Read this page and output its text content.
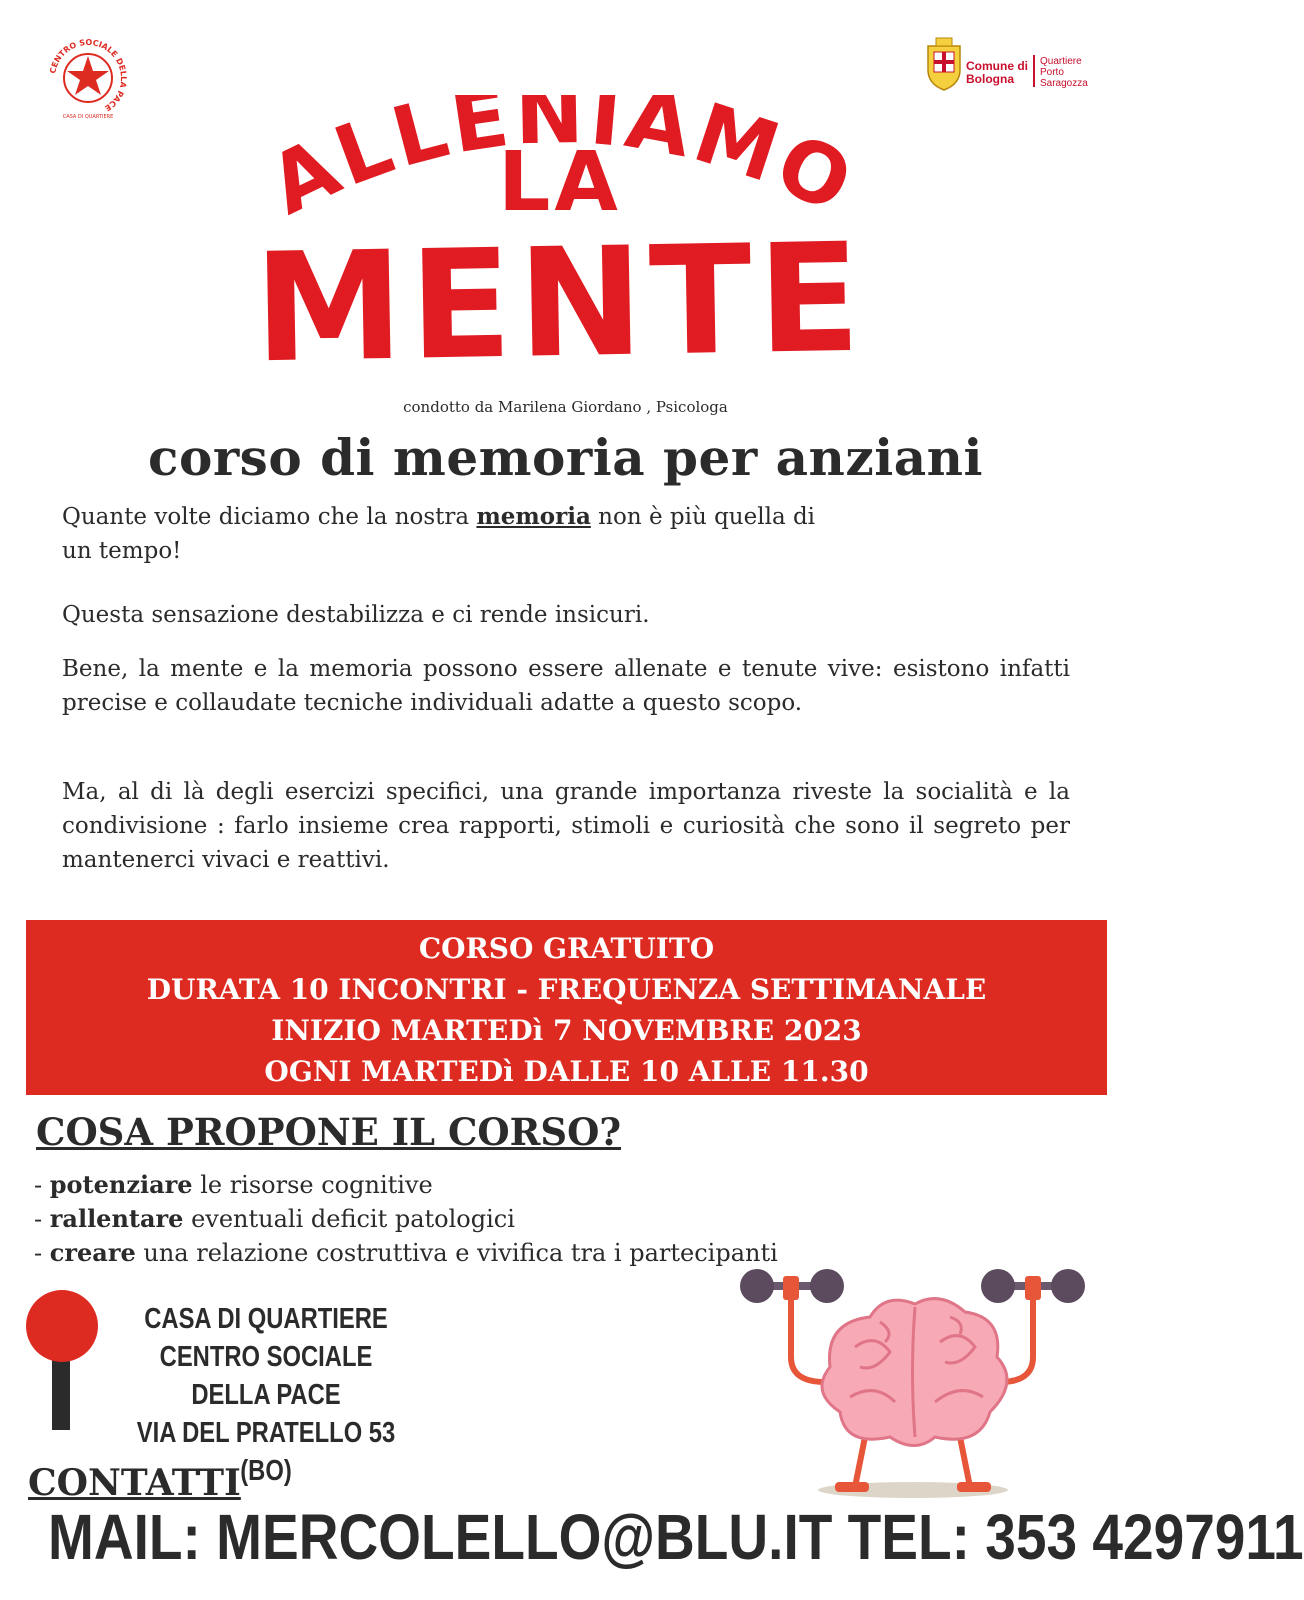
CENTRO SOCIALE DELLA PACE
CASA DI QUARTIERE
Comune di Bologna
Quartiere Porto Saragozza
ALLENIAMO
LA
MENTE
condotto da Marilena Giordano , Psicologa
corso di memoria per anziani
Quante volte diciamo che la nostra memoria non è più quella di un tempo!
Questa sensazione destabilizza e ci rende insicuri.
Bene, la mente e la memoria possono essere allenate e tenute vive: esistono infatti precise e collaudate tecniche individuali adatte a questo scopo.
Ma, al di là degli esercizi specifici, una grande importanza riveste la socialità e la condivisione : farlo insieme crea rapporti, stimoli e curiosità che sono il segreto per mantenerci vivaci e reattivi.
CORSO GRATUITO
DURATA 10 INCONTRI - FREQUENZA SETTIMANALE
INIZIO MARTEDì 7 NOVEMBRE 2023
OGNI MARTEDì DALLE 10 ALLE 11.30
COSA PROPONE IL CORSO?
- potenziare le risorse cognitive
- rallentare eventuali deficit patologici
- creare una relazione costruttiva e vivifica tra i partecipanti
CASA DI QUARTIERE
CENTRO SOCIALE DELLA PACE
VIA DEL PRATELLO 53 (BO)
CONTATTI
MAIL: MERCOLELLO@BLU.IT TEL: 353 4297911
